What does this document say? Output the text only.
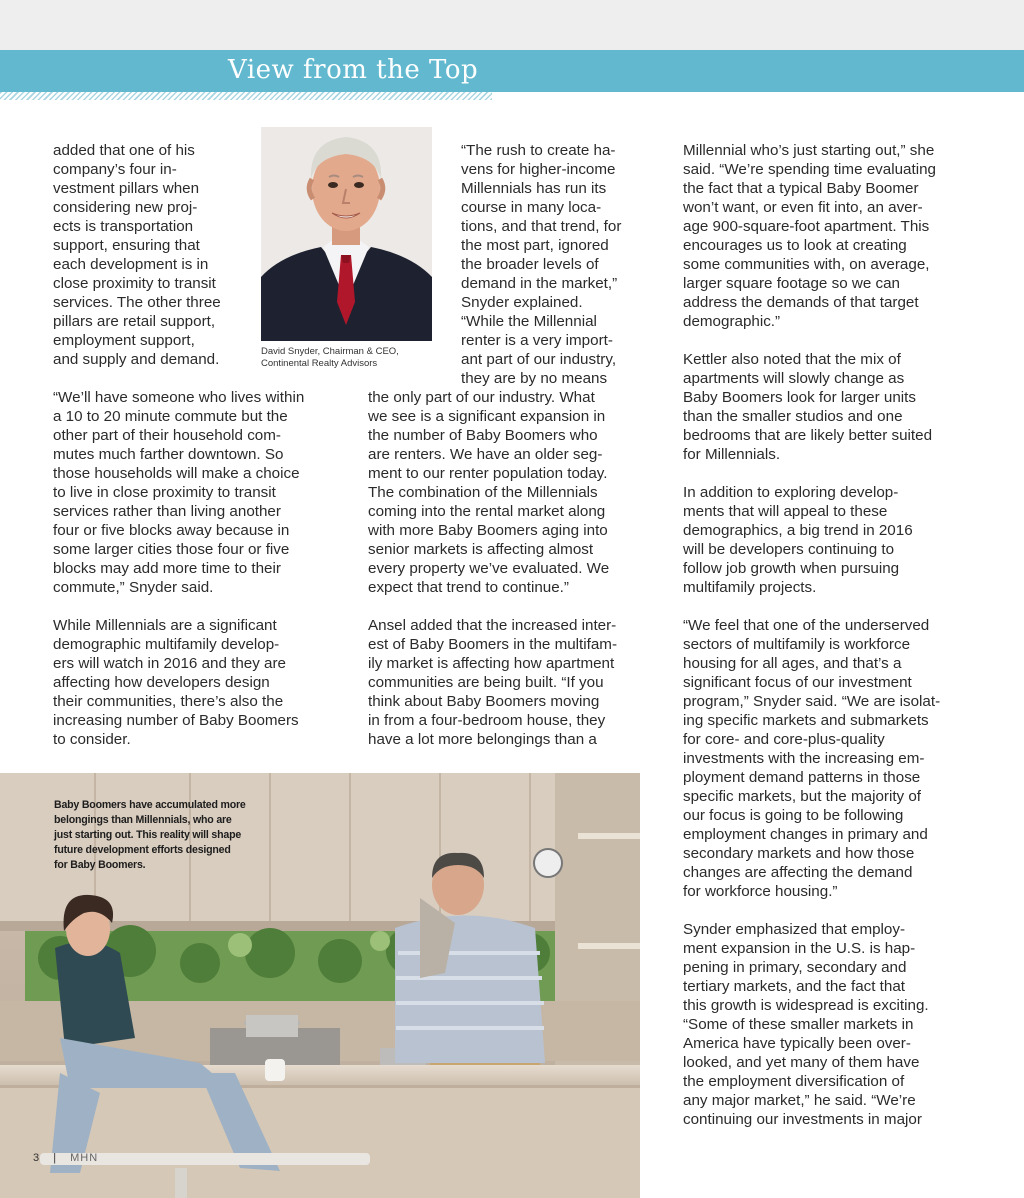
View from the Top

added that one of his
company’s four in-
vestment pillars when
considering new proj-
ects is transportation
support, ensuring that
each development is in
close proximity to transit
services. The other three
pillars are retail support,
employment support,
and supply and demand.

“We’ll have someone who lives within
a 10 to 20 minute commute but the
other part of their household com-
mutes much farther downtown. So
those households will make a choice
to live in close proximity to transit
services rather than living another
four or five blocks away because in
some larger cities those four or five
blocks may add more time to their
commute,” Snyder said.

While Millennials are a significant
demographic multifamily develop-
ers will watch in 2016 and they are
affecting how developers design
their communities, there’s also the
increasing number of Baby Boomers
to consider.

David Snyder, Chairman & CEO,
Continental Realty Advisors

“The rush to create ha-
vens for higher-income
Millennials has run its
course in many loca-
tions, and that trend, for
the most part, ignored
the broader levels of
demand in the market,”
Snyder explained.
“While the Millennial
renter is a very import-
ant part of our industry,
they are by no means

the only part of our industry. What
we see is a significant expansion in
the number of Baby Boomers who
are renters. We have an older seg-
ment to our renter population today.
The combination of the Millennials
coming into the rental market along
with more Baby Boomers aging into
senior markets is affecting almost
every property we’ve evaluated. We
expect that trend to continue.”

Ansel added that the increased inter-
est of Baby Boomers in the multifam-
ily market is affecting how apartment
communities are being built. “If you
think about Baby Boomers moving
in from a four-bedroom house, they
have a lot more belongings than a

Millennial who’s just starting out,” she
said. “We’re spending time evaluating
the fact that a typical Baby Boomer
won’t want, or even fit into, an aver-
age 900-square-foot apartment. This
encourages us to look at creating
some communities with, on average,
larger square footage so we can
address the demands of that target
demographic.”

Kettler also noted that the mix of
apartments will slowly change as
Baby Boomers look for larger units
than the smaller studios and one
bedrooms that are likely better suited
for Millennials.

In addition to exploring develop-
ments that will appeal to these
demographics, a big trend in 2016
will be developers continuing to
follow job growth when pursuing
multifamily projects.

“We feel that one of the underserved
sectors of multifamily is workforce
housing for all ages, and that’s a
significant focus of our investment
program,” Snyder said. “We are isolat-
ing specific markets and submarkets
for core- and core-plus-quality
investments with the increasing em-
ployment demand patterns in those
specific markets, but the majority of
our focus is going to be following
employment changes in primary and
secondary markets and how those
changes are affecting the demand
for workforce housing.”

Synder emphasized that employ-
ment expansion in the U.S. is hap-
pening in primary, secondary and
tertiary markets, and the fact that
this growth is widespread is exciting.
“Some of these smaller markets in
America have typically been over-
looked, and yet many of them have
the employment diversification of
any major market,” he said. “We’re
continuing our investments in major

Baby Boomers have accumulated more
belongings than Millennials, who are
just starting out. This reality will shape
future development efforts designed
for Baby Boomers.
3 | MHN
